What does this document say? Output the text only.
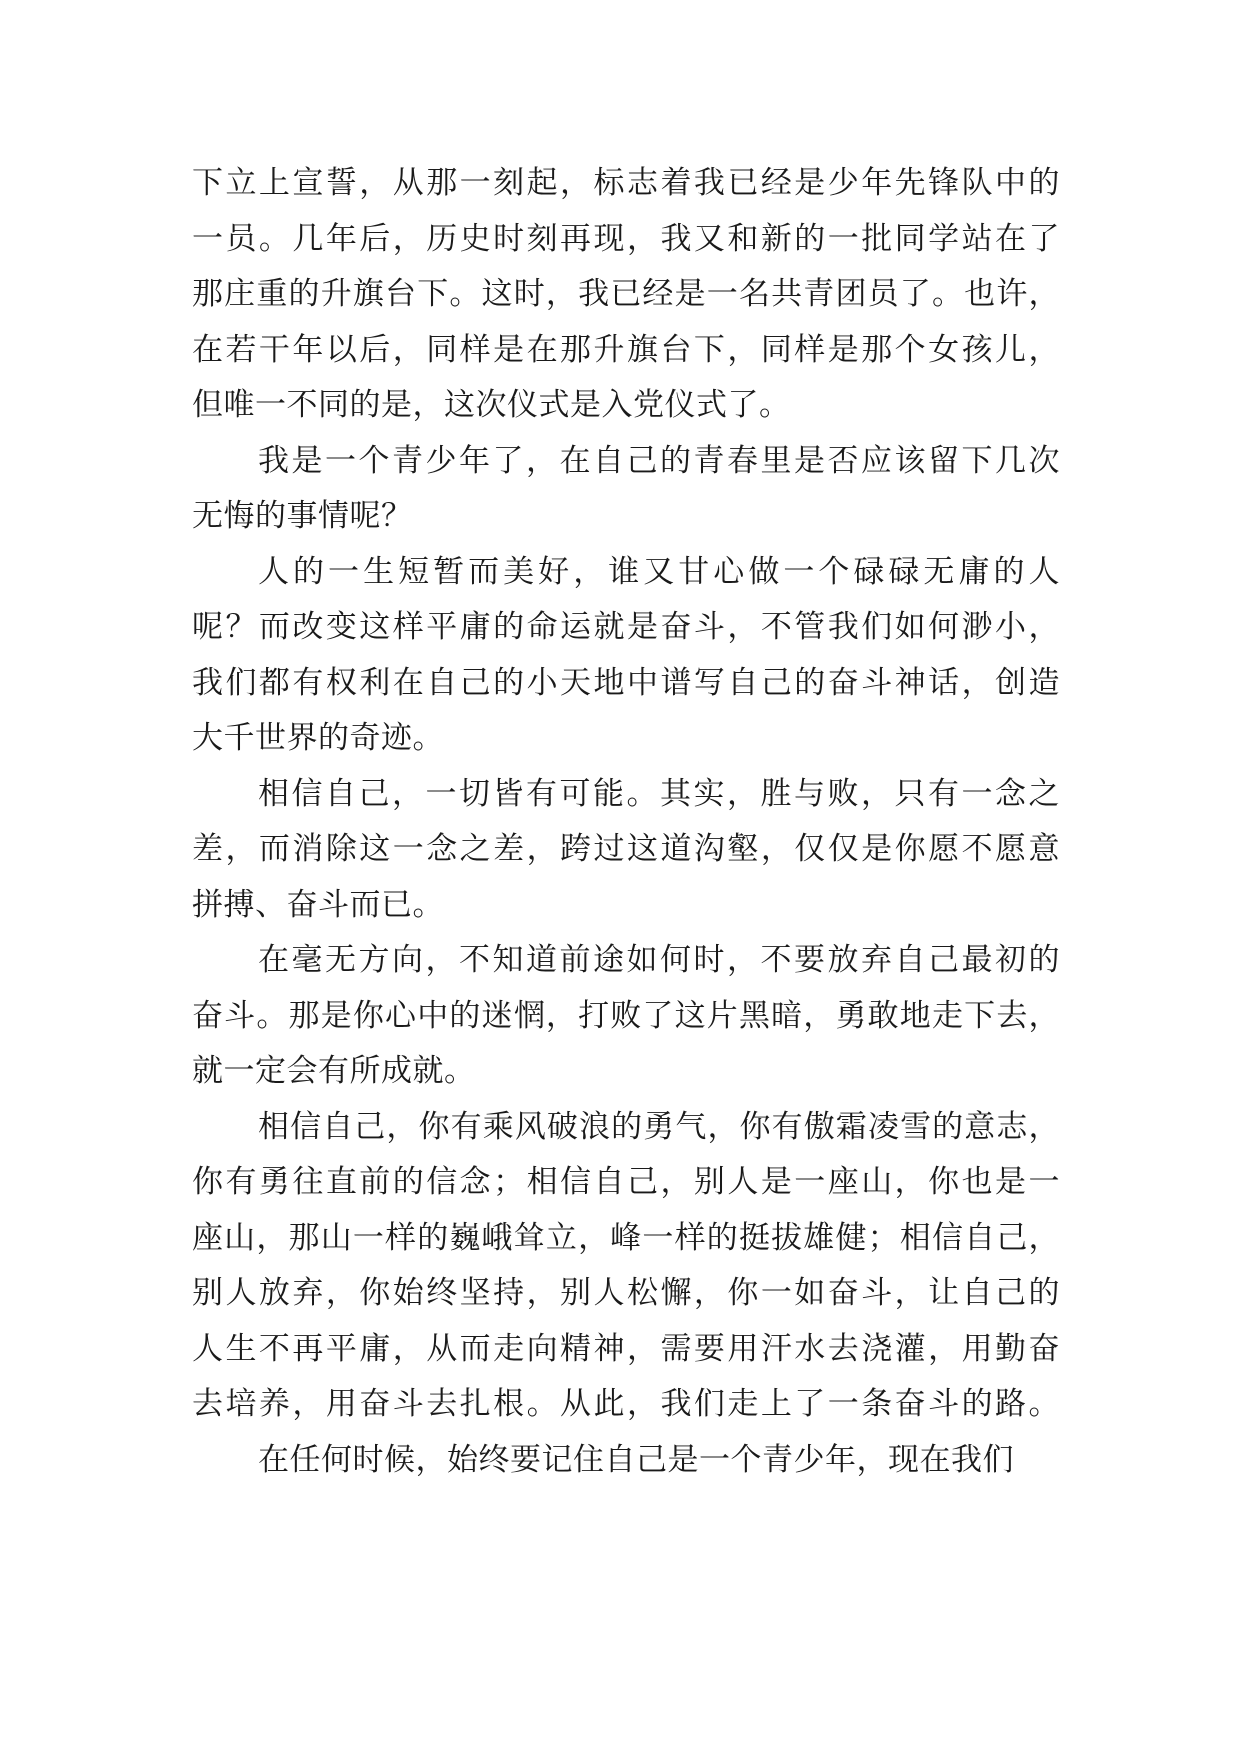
下立上宣誓，从那一刻起，标志着我已经是少年先锋队中的
一员。几年后，历史时刻再现，我又和新的一批同学站在了
那庄重的升旗台下。这时，我已经是一名共青团员了。也许，
在若干年以后，同样是在那升旗台下，同样是那个女孩儿，
但唯一不同的是，这次仪式是入党仪式了。
我是一个青少年了，在自己的青春里是否应该留下几次
无悔的事情呢？
人的一生短暂而美好，谁又甘心做一个碌碌无庸的人
呢？而改变这样平庸的命运就是奋斗，不管我们如何渺小，
我们都有权利在自己的小天地中谱写自己的奋斗神话，创造
大千世界的奇迹。
相信自己，一切皆有可能。其实，胜与败，只有一念之
差，而消除这一念之差，跨过这道沟壑，仅仅是你愿不愿意
拼搏、奋斗而已。
在毫无方向，不知道前途如何时，不要放弃自己最初的
奋斗。那是你心中的迷惘，打败了这片黑暗，勇敢地走下去，
就一定会有所成就。
相信自己，你有乘风破浪的勇气，你有傲霜凌雪的意志，
你有勇往直前的信念；相信自己，别人是一座山，你也是一
座山，那山一样的巍峨耸立，峰一样的挺拔雄健；相信自己，
别人放弃，你始终坚持，别人松懈，你一如奋斗，让自己的
人生不再平庸，从而走向精神，需要用汗水去浇灌，用勤奋
去培养，用奋斗去扎根。从此，我们走上了一条奋斗的路。
在任何时候，始终要记住自己是一个青少年，现在我们
